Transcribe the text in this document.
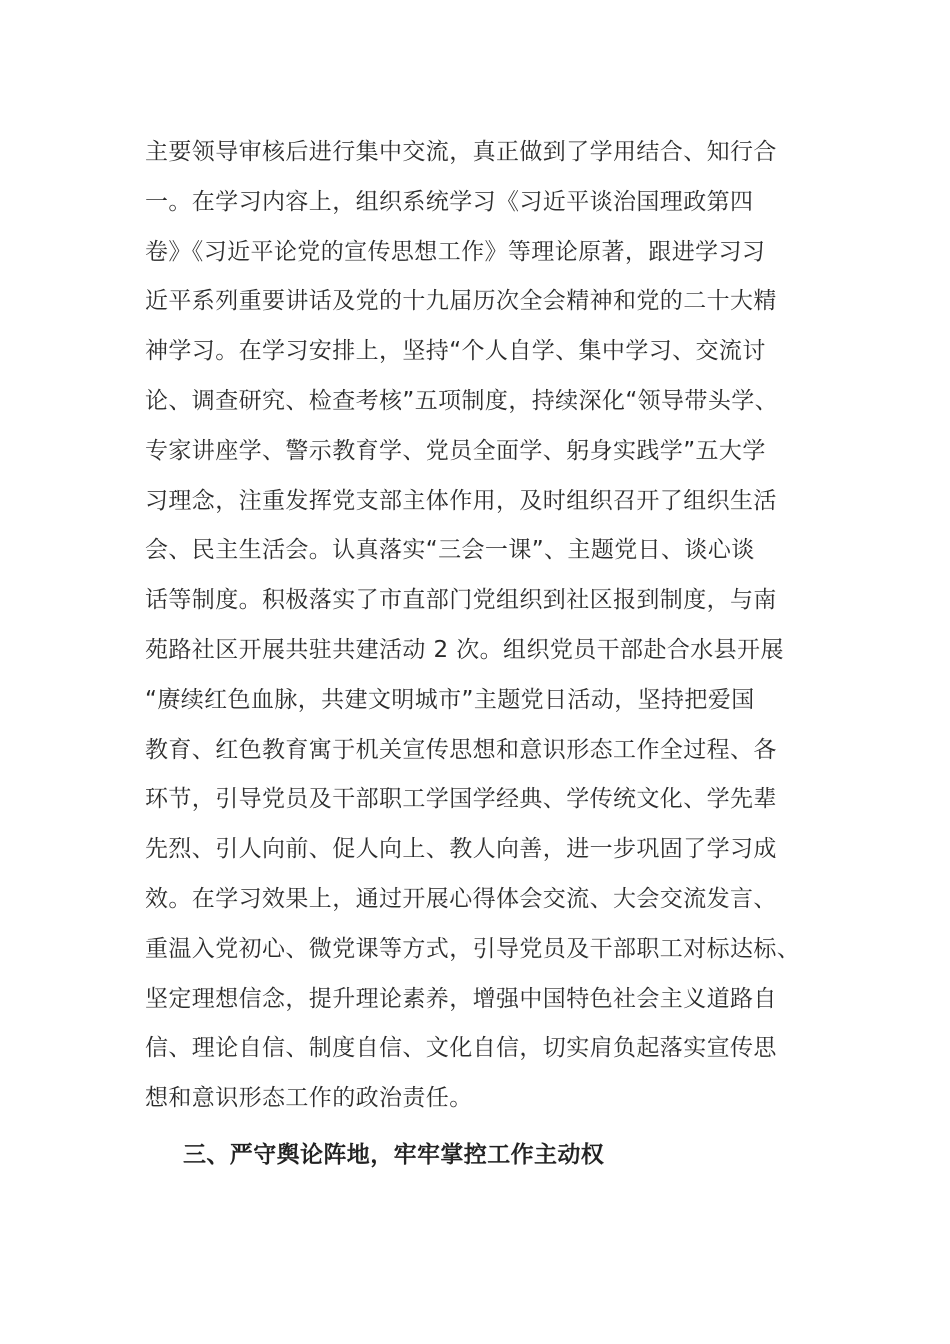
主要领导审核后进行集中交流，真正做到了学用结合、知行合
一。在学习内容上，组织系统学习《习近平谈治国理政第四
卷》《习近平论党的宣传思想工作》等理论原著，跟进学习习
近平系列重要讲话及党的十九届历次全会精神和党的二十大精
神学习。在学习安排上，坚持“个人自学、集中学习、交流讨
论、调查研究、检查考核”五项制度，持续深化“领导带头学、
专家讲座学、警示教育学、党员全面学、躬身实践学”五大学
习理念，注重发挥党支部主体作用，及时组织召开了组织生活
会、民主生活会。认真落实“三会一课”、主题党日、谈心谈
话等制度。积极落实了市直部门党组织到社区报到制度，与南
苑路社区开展共驻共建活动 2 次。组织党员干部赴合水县开展
“赓续红色血脉，共建文明城市”主题党日活动，坚持把爱国
教育、红色教育寓于机关宣传思想和意识形态工作全过程、各
环节，引导党员及干部职工学国学经典、学传统文化、学先辈
先烈、引人向前、促人向上、教人向善，进一步巩固了学习成
效。在学习效果上，通过开展心得体会交流、大会交流发言、
重温入党初心、微党课等方式，引导党员及干部职工对标达标、
坚定理想信念，提升理论素养，增强中国特色社会主义道路自
信、理论自信、制度自信、文化自信，切实肩负起落实宣传思
想和意识形态工作的政治责任。
三、严守舆论阵地，牢牢掌控工作主动权
